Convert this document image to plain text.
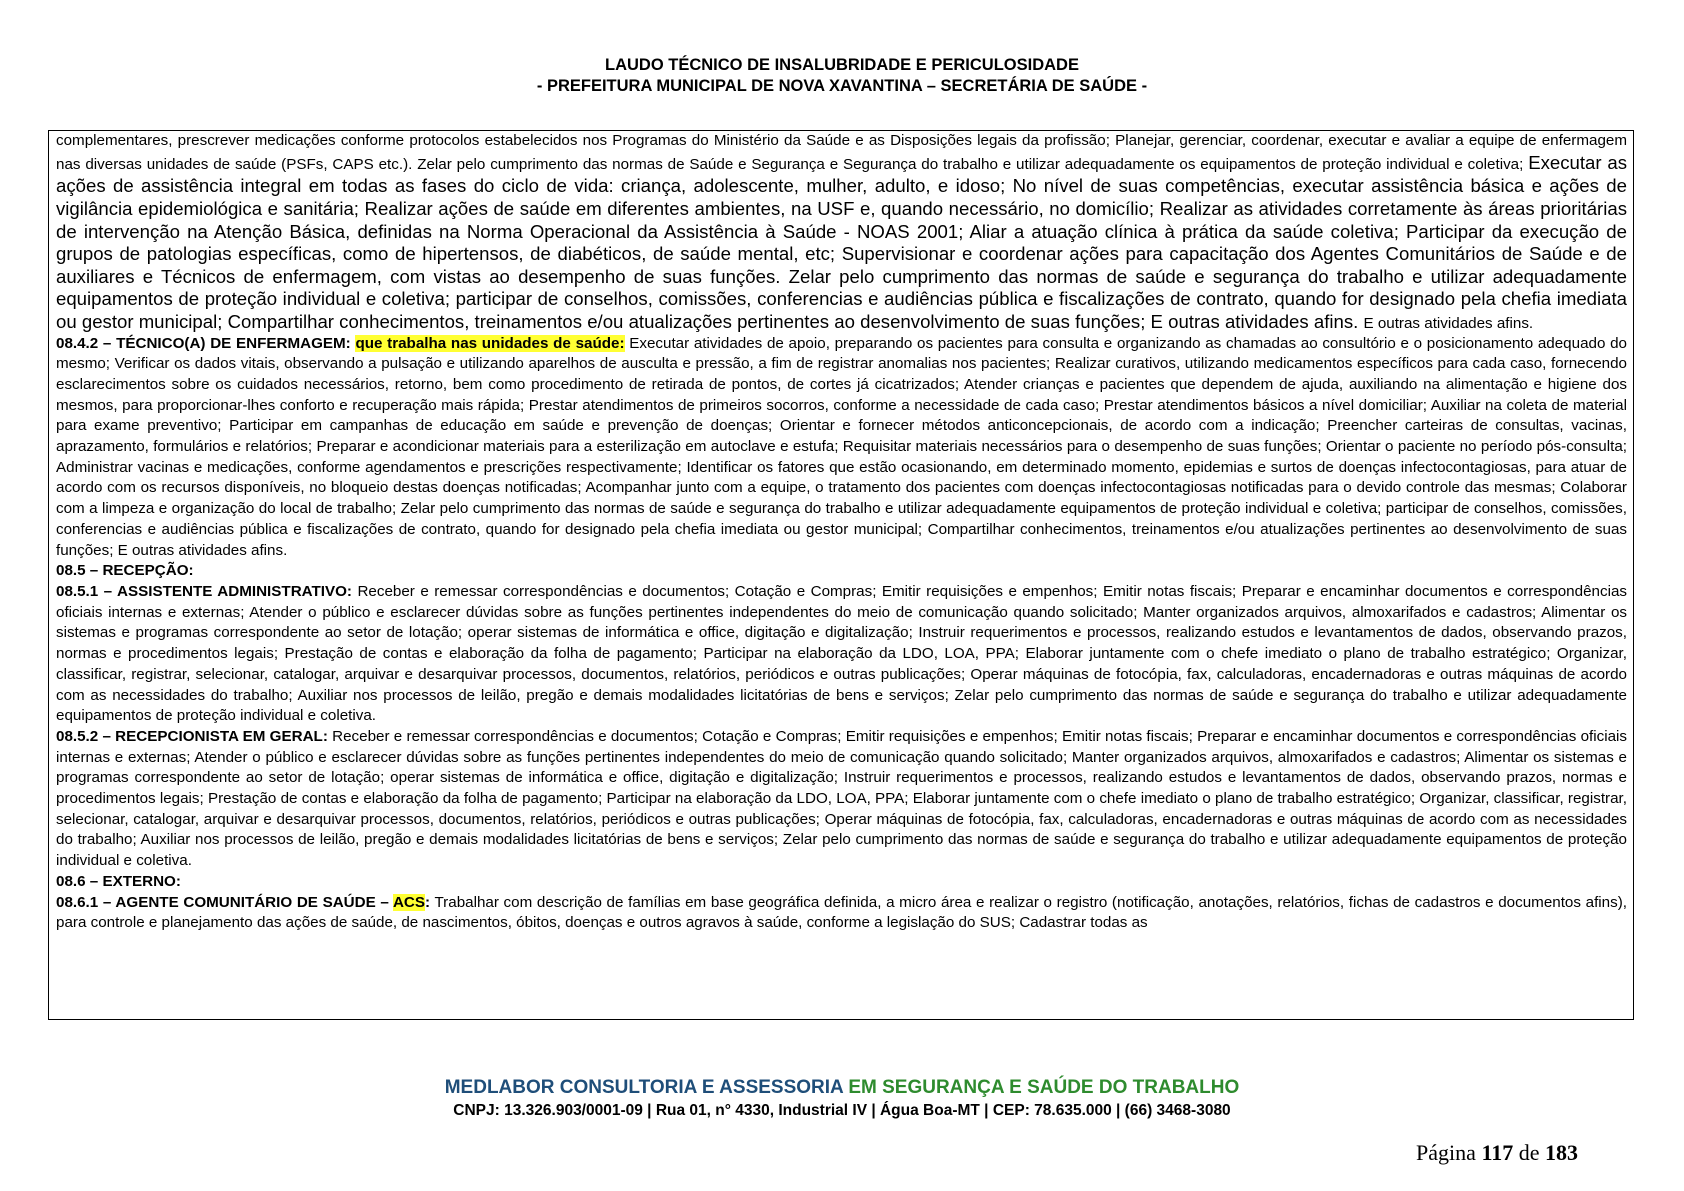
LAUDO TÉCNICO DE INSALUBRIDADE E PERICULOSIDADE
- PREFEITURA MUNICIPAL DE NOVA XAVANTINA – SECRETÁRIA DE SAÚDE -

complementares, prescrever medicações conforme protocolos estabelecidos nos Programas do Ministério da Saúde e as Disposições legais da profissão; Planejar, gerenciar, coordenar, executar e avaliar a equipe de enfermagem nas diversas unidades de saúde (PSFs, CAPS etc.). Zelar pelo cumprimento das normas de Saúde e Segurança e Segurança do trabalho e utilizar adequadamente os equipamentos de proteção individual e coletiva; Executar as ações de assistência integral em todas as fases do ciclo de vida: criança, adolescente, mulher, adulto, e idoso; No nível de suas competências, executar assistência básica e ações de vigilância epidemiológica e sanitária; Realizar ações de saúde em diferentes ambientes, na USF e, quando necessário, no domicílio; Realizar as atividades corretamente às áreas prioritárias de intervenção na Atenção Básica, definidas na Norma Operacional da Assistência à Saúde - NOAS 2001; Aliar a atuação clínica à prática da saúde coletiva; Participar da execução de grupos de patologias específicas, como de hipertensos, de diabéticos, de saúde mental, etc; Supervisionar e coordenar ações para capacitação dos Agentes Comunitários de Saúde e de auxiliares e Técnicos de enfermagem, com vistas ao desempenho de suas funções. Zelar pelo cumprimento das normas de saúde e segurança do trabalho e utilizar adequadamente equipamentos de proteção individual e coletiva; participar de conselhos, comissões, conferencias e audiências pública e fiscalizações de contrato, quando for designado pela chefia imediata ou gestor municipal; Compartilhar conhecimentos, treinamentos e/ou atualizações pertinentes ao desenvolvimento de suas funções; E outras atividades afins. E outras atividades afins.

08.4.2 – TÉCNICO(A) DE ENFERMAGEM: que trabalha nas unidades de saúde: Executar atividades de apoio, preparando os pacientes para consulta e organizando as chamadas ao consultório e o posicionamento adequado do mesmo; Verificar os dados vitais, observando a pulsação e utilizando aparelhos de ausculta e pressão, a fim de registrar anomalias nos pacientes; Realizar curativos, utilizando medicamentos específicos para cada caso, fornecendo esclarecimentos sobre os cuidados necessários, retorno, bem como procedimento de retirada de pontos, de cortes já cicatrizados; Atender crianças e pacientes que dependem de ajuda, auxiliando na alimentação e higiene dos mesmos, para proporcionar-lhes conforto e recuperação mais rápida; Prestar atendimentos de primeiros socorros, conforme a necessidade de cada caso; Prestar atendimentos básicos a nível domiciliar; Auxiliar na coleta de material para exame preventivo; Participar em campanhas de educação em saúde e prevenção de doenças; Orientar e fornecer métodos anticoncepcionais, de acordo com a indicação; Preencher carteiras de consultas, vacinas, aprazamento, formulários e relatórios; Preparar e acondicionar materiais para a esterilização em autoclave e estufa; Requisitar materiais necessários para o desempenho de suas funções; Orientar o paciente no período pós-consulta; Administrar vacinas e medicações, conforme agendamentos e prescrições respectivamente; Identificar os fatores que estão ocasionando, em determinado momento, epidemias e surtos de doenças infectocontagiosas, para atuar de acordo com os recursos disponíveis, no bloqueio destas doenças notificadas; Acompanhar junto com a equipe, o tratamento dos pacientes com doenças infectocontagiosas notificadas para o devido controle das mesmas; Colaborar com a limpeza e organização do local de trabalho; Zelar pelo cumprimento das normas de saúde e segurança do trabalho e utilizar adequadamente equipamentos de proteção individual e coletiva; participar de conselhos, comissões, conferencias e audiências pública e fiscalizações de contrato, quando for designado pela chefia imediata ou gestor municipal; Compartilhar conhecimentos, treinamentos e/ou atualizações pertinentes ao desenvolvimento de suas funções; E outras atividades afins.

08.5 – RECEPÇÃO:

08.5.1 – ASSISTENTE ADMINISTRATIVO: Receber e remessar correspondências e documentos; Cotação e Compras; Emitir requisições e empenhos; Emitir notas fiscais; Preparar e encaminhar documentos e correspondências oficiais internas e externas; Atender o público e esclarecer dúvidas sobre as funções pertinentes independentes do meio de comunicação quando solicitado; Manter organizados arquivos, almoxarifados e cadastros; Alimentar os sistemas e programas correspondente ao setor de lotação; operar sistemas de informática e office, digitação e digitalização; Instruir requerimentos e processos, realizando estudos e levantamentos de dados, observando prazos, normas e procedimentos legais; Prestação de contas e elaboração da folha de pagamento; Participar na elaboração da LDO, LOA, PPA; Elaborar juntamente com o chefe imediato o plano de trabalho estratégico; Organizar, classificar, registrar, selecionar, catalogar, arquivar e desarquivar processos, documentos, relatórios, periódicos e outras publicações; Operar máquinas de fotocópia, fax, calculadoras, encadernadoras e outras máquinas de acordo com as necessidades do trabalho; Auxiliar nos processos de leilão, pregão e demais modalidades licitatórias de bens e serviços; Zelar pelo cumprimento das normas de saúde e segurança do trabalho e utilizar adequadamente equipamentos de proteção individual e coletiva.

08.5.2 – RECEPCIONISTA EM GERAL: Receber e remessar correspondências e documentos; Cotação e Compras; Emitir requisições e empenhos; Emitir notas fiscais; Preparar e encaminhar documentos e correspondências oficiais internas e externas; Atender o público e esclarecer dúvidas sobre as funções pertinentes independentes do meio de comunicação quando solicitado; Manter organizados arquivos, almoxarifados e cadastros; Alimentar os sistemas e programas correspondente ao setor de lotação; operar sistemas de informática e office, digitação e digitalização; Instruir requerimentos e processos, realizando estudos e levantamentos de dados, observando prazos, normas e procedimentos legais; Prestação de contas e elaboração da folha de pagamento; Participar na elaboração da LDO, LOA, PPA; Elaborar juntamente com o chefe imediato o plano de trabalho estratégico; Organizar, classificar, registrar, selecionar, catalogar, arquivar e desarquivar processos, documentos, relatórios, periódicos e outras publicações; Operar máquinas de fotocópia, fax, calculadoras, encadernadoras e outras máquinas de acordo com as necessidades do trabalho; Auxiliar nos processos de leilão, pregão e demais modalidades licitatórias de bens e serviços; Zelar pelo cumprimento das normas de saúde e segurança do trabalho e utilizar adequadamente equipamentos de proteção individual e coletiva.

08.6 – EXTERNO:

08.6.1 – AGENTE COMUNITÁRIO DE SAÚDE – ACS: Trabalhar com descrição de famílias em base geográfica definida, a micro área e realizar o registro (notificação, anotações, relatórios, fichas de cadastros e documentos afins), para controle e planejamento das ações de saúde, de nascimentos, óbitos, doenças e outros agravos à saúde, conforme a legislação do SUS; Cadastrar todas as

MEDLABOR CONSULTORIA E ASSESSORIA EM SEGURANÇA E SAÚDE DO TRABALHO
CNPJ: 13.326.903/0001-09 | Rua 01, n° 4330, Industrial IV | Água Boa-MT | CEP: 78.635.000 | (66) 3468-3080
Página 117 de 183
